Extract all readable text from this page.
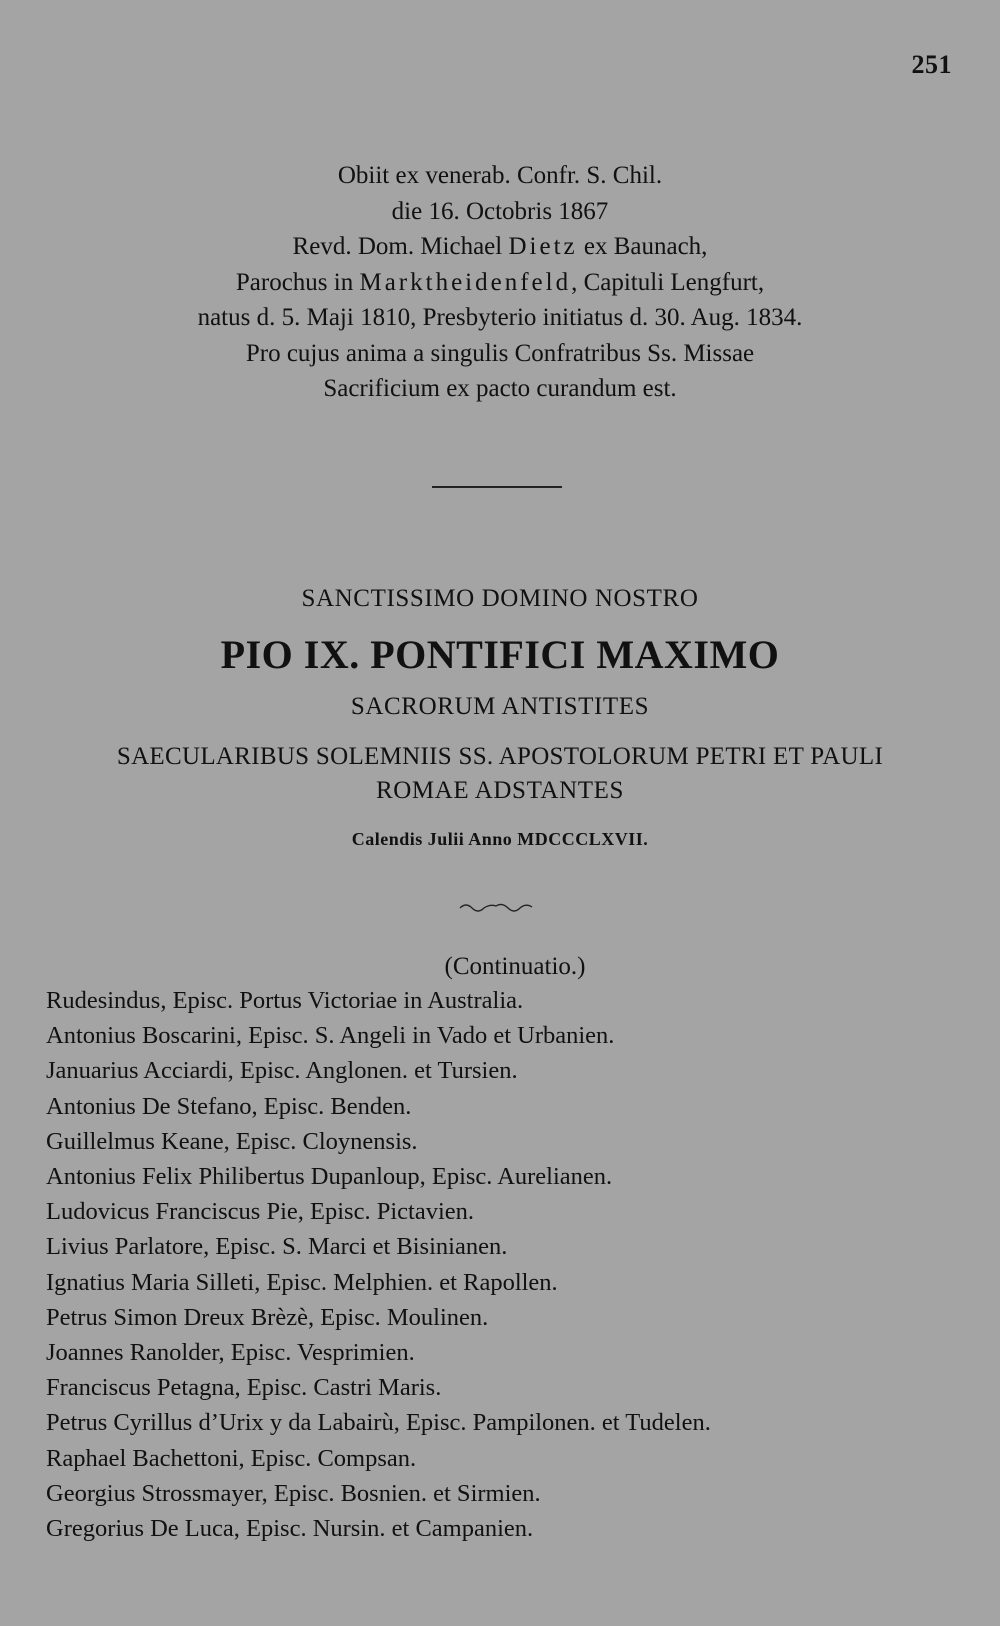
251
Obiit ex venerab. Confr. S. Chil.
die 16. Octobris 1867
Revd. Dom. Michael Dietz ex Baunach,
Parochus in Marktheidenfeld, Capituli Lengfurt,
natus d. 5. Maji 1810, Presbyterio initiatus d. 30. Aug. 1834.
Pro cujus anima a singulis Confratribus Ss. Missae
Sacrificium ex pacto curandum est.
SANCTISSIMO DOMINO NOSTRO
PIO IX. PONTIFICI MAXIMO
SACRORUM ANTISTITES
SAECULARIBUS SOLEMNIIS SS. APOSTOLORUM PETRI ET PAULI
ROMAE ADSTANTES
Calendis Julii Anno MDCCCLXVII.
(Continuatio.)
Rudesindus, Episc. Portus Victoriae in Australia.
Antonius Boscarini, Episc. S. Angeli in Vado et Urbanien.
Januarius Acciardi, Episc. Anglonen. et Tursien.
Antonius De Stefano, Episc. Benden.
Guillelmus Keane, Episc. Cloynensis.
Antonius Felix Philibertus Dupanloup, Episc. Aurelianen.
Ludovicus Franciscus Pie, Episc. Pictavien.
Livius Parlatore, Episc. S. Marci et Bisinianen.
Ignatius Maria Silleti, Episc. Melphien. et Rapollen.
Petrus Simon Dreux Brèzè, Episc. Moulinen.
Joannes Ranolder, Episc. Vesprimien.
Franciscus Petagna, Episc. Castri Maris.
Petrus Cyrillus d’Urix y da Labairù, Episc. Pampilonen. et Tudelen.
Raphael Bachettoni, Episc. Compsan.
Georgius Strossmayer, Episc. Bosnien. et Sirmien.
Gregorius De Luca, Episc. Nursin. et Campanien.
